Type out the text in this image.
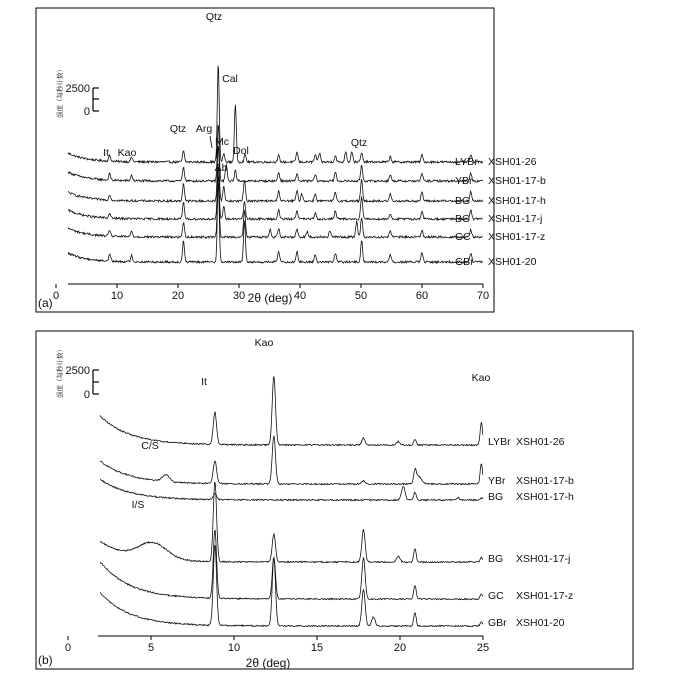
(a) 0	10	20	30	40	50	60	70
2θ (deg)
2500
0
强度（每秒计数）
LYBr XSH01-26
YBr XSH01-17-b
BG XSH01-17-h
BG XSH01-17-j
GC XSH01-17-z
GBr XSH01-20
Qtz
Cal
Qtz Arg
Mc
Ab
Dol
Qtz
It Kao
(b)
0	5	10	15	20	25
2θ (deg)
2500
0
强度（每秒计数）
LYBr XSH01-26
YBr XSH01-17-b
BG XSH01-17-h
BG XSH01-17-j
GC XSH01-17-z
GBr XSH01-20
Kao
Kao
It
C/S
I/S
